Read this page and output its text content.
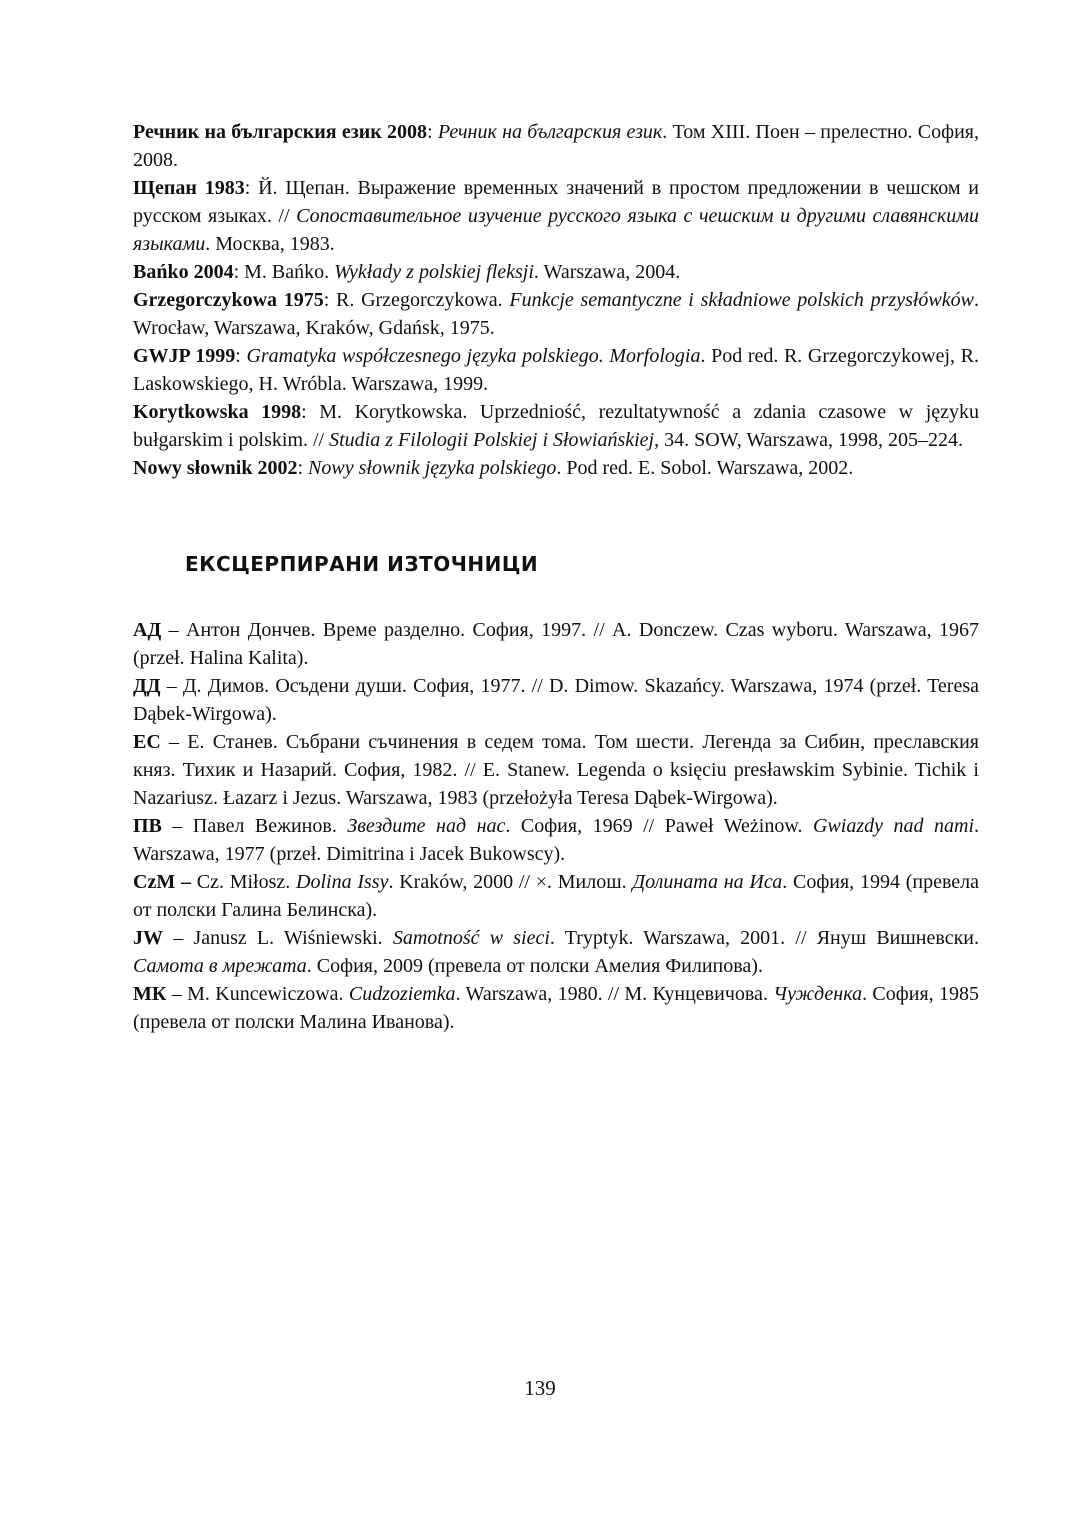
Речник на българския език 2008: Речник на българския език. Том XIII. Поен – прелестно. София, 2008.

Щепан 1983: Й. Щепан. Выражение временных значений в простом предложении в чешском и русском языках. // Сопоставительное изучение русского языка с чешским и другими славянскими языками. Москва, 1983.

Bańko 2004: M. Bańko. Wykłady z polskiej fleksji. Warszawa, 2004.

Grzegorczykowa 1975: R. Grzegorczykowa. Funkcje semantyczne i składniowe polskich przysłówków. Wrocław, Warszawa, Kraków, Gdańsk, 1975.

GWJP 1999: Gramatyka współczesnego języka polskiego. Morfologia. Pod red. R. Grzegorczykowej, R. Laskowskiego, H. Wróbla. Warszawa, 1999.

Korytkowska 1998: M. Korytkowska. Uprzedniość, rezultatywność a zdania czasowe w języku bułgarskim i polskim. // Studia z Filologii Polskiej i Słowiańskiej, 34. SOW, Warszawa, 1998, 205–224.

Nowy słownik 2002: Nowy słownik języka polskiego. Pod red. E. Sobol. Warszawa, 2002.

ЕКСЦЕРПИРАНИ ИЗТОЧНИЦИ

АД – Антон Дончев. Време разделно. София, 1997. // A. Donczew. Czas wyboru. Warszawa, 1967 (przeł. Halina Kalita).

ДД – Д. Димов. Осъдени души. София, 1977. // D. Dimow. Skazańcy. Warszawa, 1974 (przeł. Teresa Dąbek-Wirgowa).

ЕС – Е. Станев. Събрани съчинения в седем тома. Том шести. Легенда за Сибин, преславския княз. Тихик и Назарий. София, 1982. // E. Stanew. Legenda o księciu presławskim Sybinie. Tichik i Nazariusz. Łazarz i Jezus. Warszawa, 1983 (przełożyła Teresa Dąbek-Wirgowa).

ПВ – Павел Вежинов. Звездите над нас. София, 1969 // Paweł Weżinow. Gwiazdy nad nami. Warszawa, 1977 (przeł. Dimitrina i Jacek Bukowscy).

CzM – Cz. Miłosz. Dolina Issy. Kraków, 2000 // ×. Милош. Долината на Иса. София, 1994 (превела от полски Галина Белинска).

JW – Janusz L. Wiśniewski. Samotność w sieci. Tryptyk. Warszawa, 2001. // Януш Вишневски. Самота в мрежата. София, 2009 (превела от полски Амелия Филипова).

МК – M. Kuncewiczowa. Cudzoziemka. Warszawa, 1980. // М. Кунцевичова. Чужденка. София, 1985 (превела от полски Малина Иванова).

139
